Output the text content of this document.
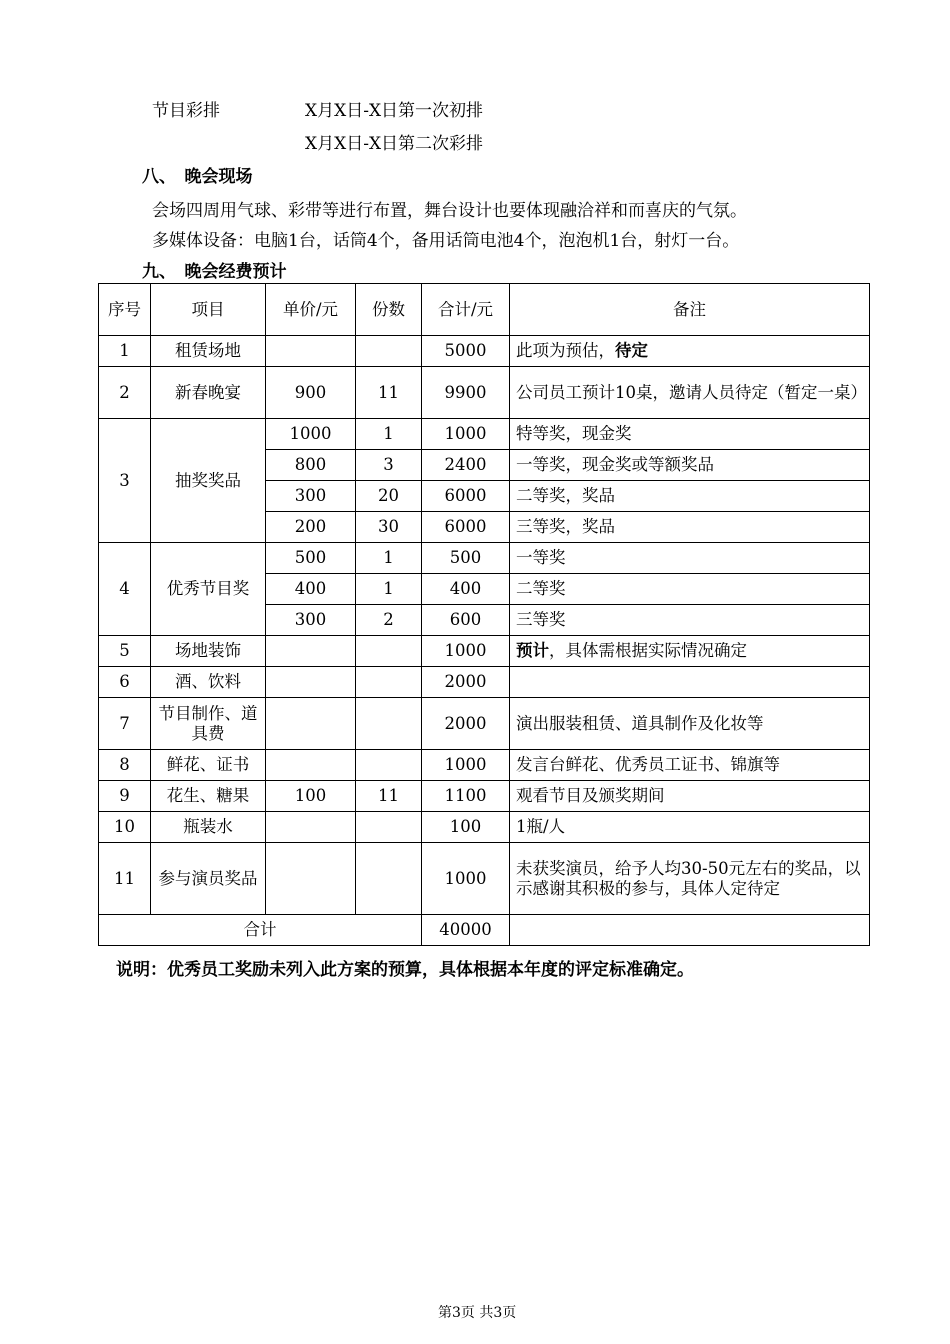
节目彩排	X月X日-X日第一次初排
X月X日-X日第二次彩排
八、　晚会现场
会场四周用气球、彩带等进行布置，舞台设计也要体现融洽祥和而喜庆的气氛。
多媒体设备：电脑1台，话筒4个，备用话筒电池4个，泡泡机1台，射灯一台。
九、　晚会经费预计
序号	项目	单价/元	份数	合计/元	备注
1	租赁场地			5000	此项为预估，待定
2	新春晚宴	900	11	9900	公司员工预计10桌，邀请人员待定（暂定一桌）
3	抽奖奖品	1000	1	1000	特等奖，现金奖
		800	3	2400	一等奖，现金奖或等额奖品
		300	20	6000	二等奖，奖品
		200	30	6000	三等奖，奖品
4	优秀节目奖	500	1	500	一等奖
		400	1	400	二等奖
		300	2	600	三等奖
5	场地装饰			1000	预计，具体需根据实际情况确定
6	酒、饮料			2000	
7	节目制作、道具费			2000	演出服装租赁、道具制作及化妆等
8	鲜花、证书			1000	发言台鲜花、优秀员工证书、锦旗等
9	花生、糖果	100	11	1100	观看节目及颁奖期间
10	瓶装水			100	1瓶/人
11	参与演员奖品			1000	未获奖演员，给予人均30-50元左右的奖品，以示感谢其积极的参与，具体人定待定
合计				40000	
说明：优秀员工奖励未列入此方案的预算，具体根据本年度的评定标准确定。
第3页 共3页
